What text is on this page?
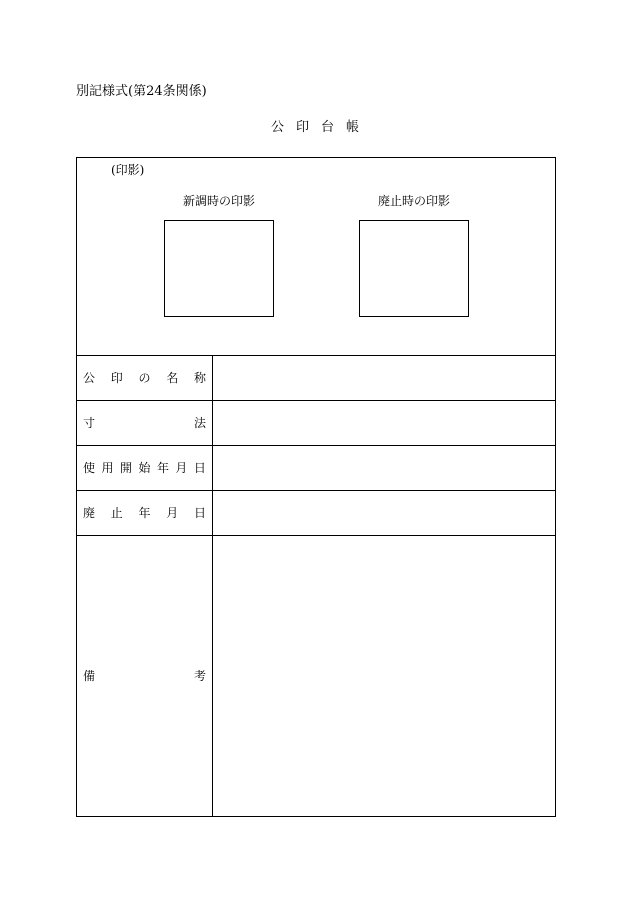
別記様式(第24条関係)
公印台帳
(印影)
新調時の印影	廃止時の印影
公 印 の 名 称
寸	法
使 用 開 始 年 月 日
廃 止 年 月 日
備	考
